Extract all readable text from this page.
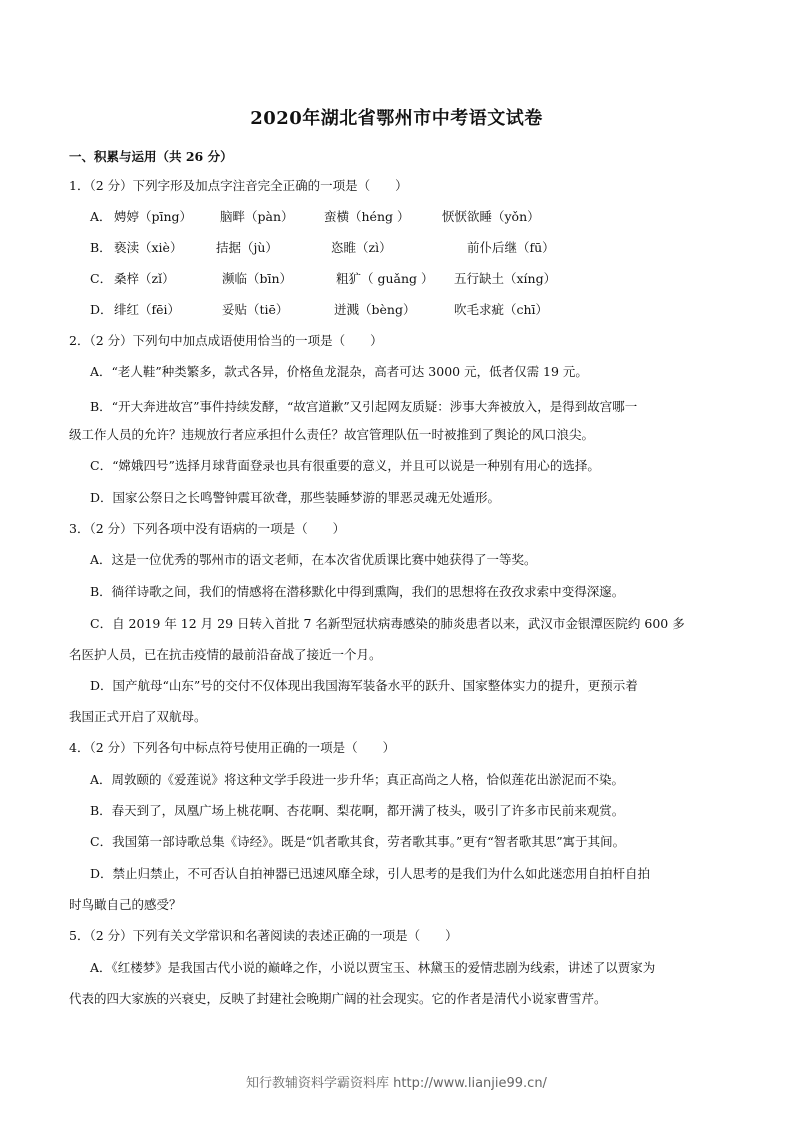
2020年湖北省鄂州市中考语文试卷
一、积累与运用（共 26 分）
1．（2 分）下列字形及加点字注音完全正确的一项是（　　）
A． 娉婷（pīng） 脑畔（pàn） 蛮横（héng ）	恹恹欲睡（yǒn）
B． 亵渎（xiè）	拮据（jù）	恣睢（zì）	前仆后继（fū）
C． 桑梓（zǐ）	濒临（bīn）	粗犷（ guǎng ） 五行缺土（xíng）
D． 绯红（fēi）	妥贴（tiē）	迸溅（bèng）	吹毛求疵（chī）
2．（2 分）下列句中加点成语使用恰当的一项是（　　）
A．“老人鞋”种类繁多，款式各异，价格鱼龙混杂，高者可达 3000 元，低者仅需 19 元。
B．“开大奔进故宫”事件持续发酵，“故宫道歉”又引起网友质疑：涉事大奔被放入，是得到故宫哪一
级工作人员的允许？违规放行者应承担什么责任？故宫管理队伍一时被推到了舆论的风口浪尖。
C．“嫦娥四号”选择月球背面登录也具有很重要的意义，并且可以说是一种别有用心的选择。
D．国家公祭日之长鸣警钟震耳欲聋，那些装睡梦游的罪恶灵魂无处遁形。
3．（2 分）下列各项中没有语病的一项是（　　）
A．这是一位优秀的鄂州市的语文老师，在本次省优质课比赛中她获得了一等奖。
B．徜徉诗歌之间，我们的情感将在潜移默化中得到熏陶，我们的思想将在孜孜求索中变得深邃。
C．自 2019 年 12 月 29 日转入首批 7 名新型冠状病毒感染的肺炎患者以来，武汉市金银潭医院约 600 多
名医护人员，已在抗击疫情的最前沿奋战了接近一个月。
D．国产航母“山东”号的交付不仅体现出我国海军装备水平的跃升、国家整体实力的提升，更预示着
我国正式开启了双航母。
4．（2 分）下列各句中标点符号使用正确的一项是（　　）
A．周敦颐的《爱莲说》将这种文学手段进一步升华；真正高尚之人格，恰似莲花出淤泥而不染。
B．春天到了，凤凰广场上桃花啊、杏花啊、梨花啊，都开满了枝头，吸引了许多市民前来观赏。
C．我国第一部诗歌总集《诗经》。既是“饥者歌其食，劳者歌其事。”更有“智者歌其思”寓于其间。
D．禁止归禁止，不可否认自拍神器已迅速风靡全球，引人思考的是我们为什么如此迷恋用自拍杆自拍
时鸟瞰自己的感受？
5．（2 分）下列有关文学常识和名著阅读的表述正确的一项是（　　）
A．《红楼梦》是我国古代小说的巅峰之作，小说以贾宝玉、林黛玉的爱情悲剧为线索，讲述了以贾家为
代表的四大家族的兴衰史，反映了封建社会晚期广阔的社会现实。它的作者是清代小说家曹雪芹。
知行教辅资料学霸资料库 http://www.lianjie99.cn/
